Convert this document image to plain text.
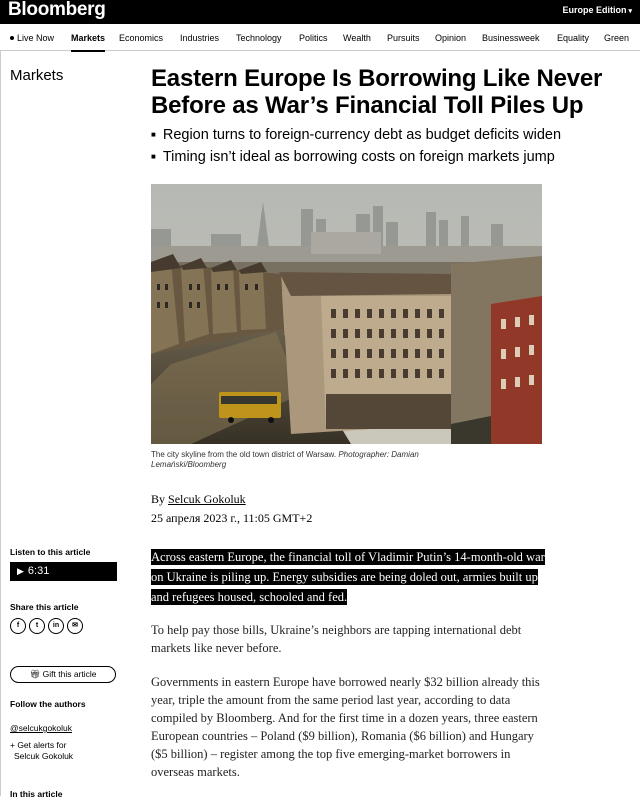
Bloomberg	Europe Edition ▾
Live Now Markets Economics Industries Technology Politics Wealth Pursuits Opinion Businessweek Equality Green
Markets	Eastern Europe Is Borrowing Like Never
Before as War’s Financial Toll Piles Up
■ Region turns to foreign-currency debt as budget deficits widen
■ Timing isn’t ideal as borrowing costs on foreign markets jump
The city skyline from the old town district of Warsaw. Photographer: Damian Lemański/Bloomberg
By Selcuk Gokoluk
25 апреля 2023 г., 11:05 GMT+2
Across eastern Europe, the financial toll of Vladimir Putin’s 14-month-old war on Ukraine is piling up. Energy subsidies are being doled out, armies built up and refugees housed, schooled and fed.

To help pay those bills, Ukraine’s neighbors are tapping international debt markets like never before.

Governments in eastern Europe have borrowed nearly $32 billion already this year, triple the amount from the same period last year, according to data compiled by Bloomberg. And for the first time in a dozen years, three eastern European countries – Poland ($9 billion), Romania ($6 billion) and Hungary ($5 billion) – register among the top five emerging-market borrowers in overseas markets.

Listen to this article
▶ 6:31
Share this article
f t in ✉
🎁︎ Gift this article
Follow the authors
@selcukgokoluk
+ Get alerts for
Selcuk Gokoluk
In this article
